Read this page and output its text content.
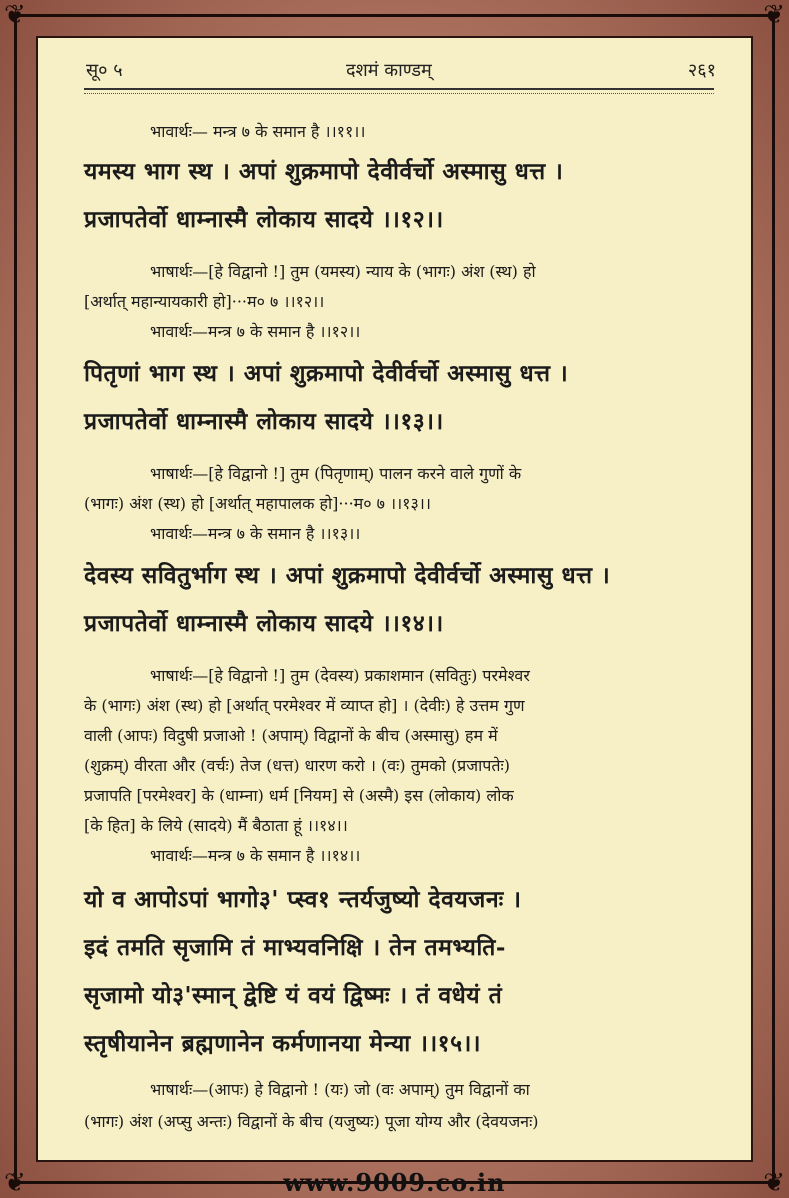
❦	❦
❦	❦
सू० ५	दशमं काण्डम्	२६१
भावार्थः— मन्त्र ७ के समान है ।।११।।
यमस्य भाग स्थ । अपां शुक्रमापो देवीर्वर्चो अस्मासु धत्त ।
प्रजापतेर्वो धाम्नास्मै लोकाय सादये ।।१२।।
भाषार्थः—[हे विद्वानो !] तुम (यमस्य) न्याय के (भागः) अंश (स्थ) हो
[अर्थात् महान्यायकारी हो]···म० ७ ।।१२।।
भावार्थः—मन्त्र ७ के समान है ।।१२।।
पितृणां भाग स्थ । अपां शुक्रमापो देवीर्वर्चो अस्मासु धत्त ।
प्रजापतेर्वो धाम्नास्मै लोकाय सादये ।।१३।।
भाषार्थः—[हे विद्वानो !] तुम (पितृणाम्) पालन करने वाले गुणों के
(भागः) अंश (स्थ) हो [अर्थात् महापालक हो]···म० ७ ।।१३।।
भावार्थः—मन्त्र ७ के समान है ।।१३।।
देवस्य सवितुर्भाग स्थ । अपां शुक्रमापो देवीर्वर्चो अस्मासु धत्त ।
प्रजापतेर्वो धाम्नास्मै लोकाय सादये ।।१४।।
भाषार्थः—[हे विद्वानो !] तुम (देवस्य) प्रकाशमान (सवितुः) परमेश्वर
के (भागः) अंश (स्थ) हो [अर्थात् परमेश्वर में व्याप्त हो] । (देवीः) हे उत्तम गुण
वाली (आपः) विदुषी प्रजाओ ! (अपाम्) विद्वानों के बीच (अस्मासु) हम में
(शुक्रम्) वीरता और (वर्चः) तेज (धत्त) धारण करो । (वः) तुमको (प्रजापतेः)
प्रजापति [परमेश्वर] के (धाम्ना) धर्म [नियम] से (अस्मै) इस (लोकाय) लोक
[के हित] के लिये (सादये) मैं बैठाता हूं ।।१४।।
भावार्थः—मन्त्र ७ के समान है ।।१४।।
यो व आपोऽपां भागो३' प्स्व१ न्तर्यजुष्यो देवयजनः ।
इदं तमति सृजामि तं माभ्यवनिक्षि । तेन तमभ्यति-
सृजामो यो३'स्मान् द्वेष्टि यं वयं द्विष्मः । तं वधेयं तं
स्तृषीयानेन ब्रह्मणानेन कर्मणानया मेन्या ।।१५।।
भाषार्थः—(आपः) हे विद्वानो ! (यः) जो (वः अपाम्) तुम विद्वानों का
(भागः) अंश (अप्सु अन्तः) विद्वानों के बीच (यजुष्यः) पूजा योग्य और (देवयजनः)
www.9009.co.in
